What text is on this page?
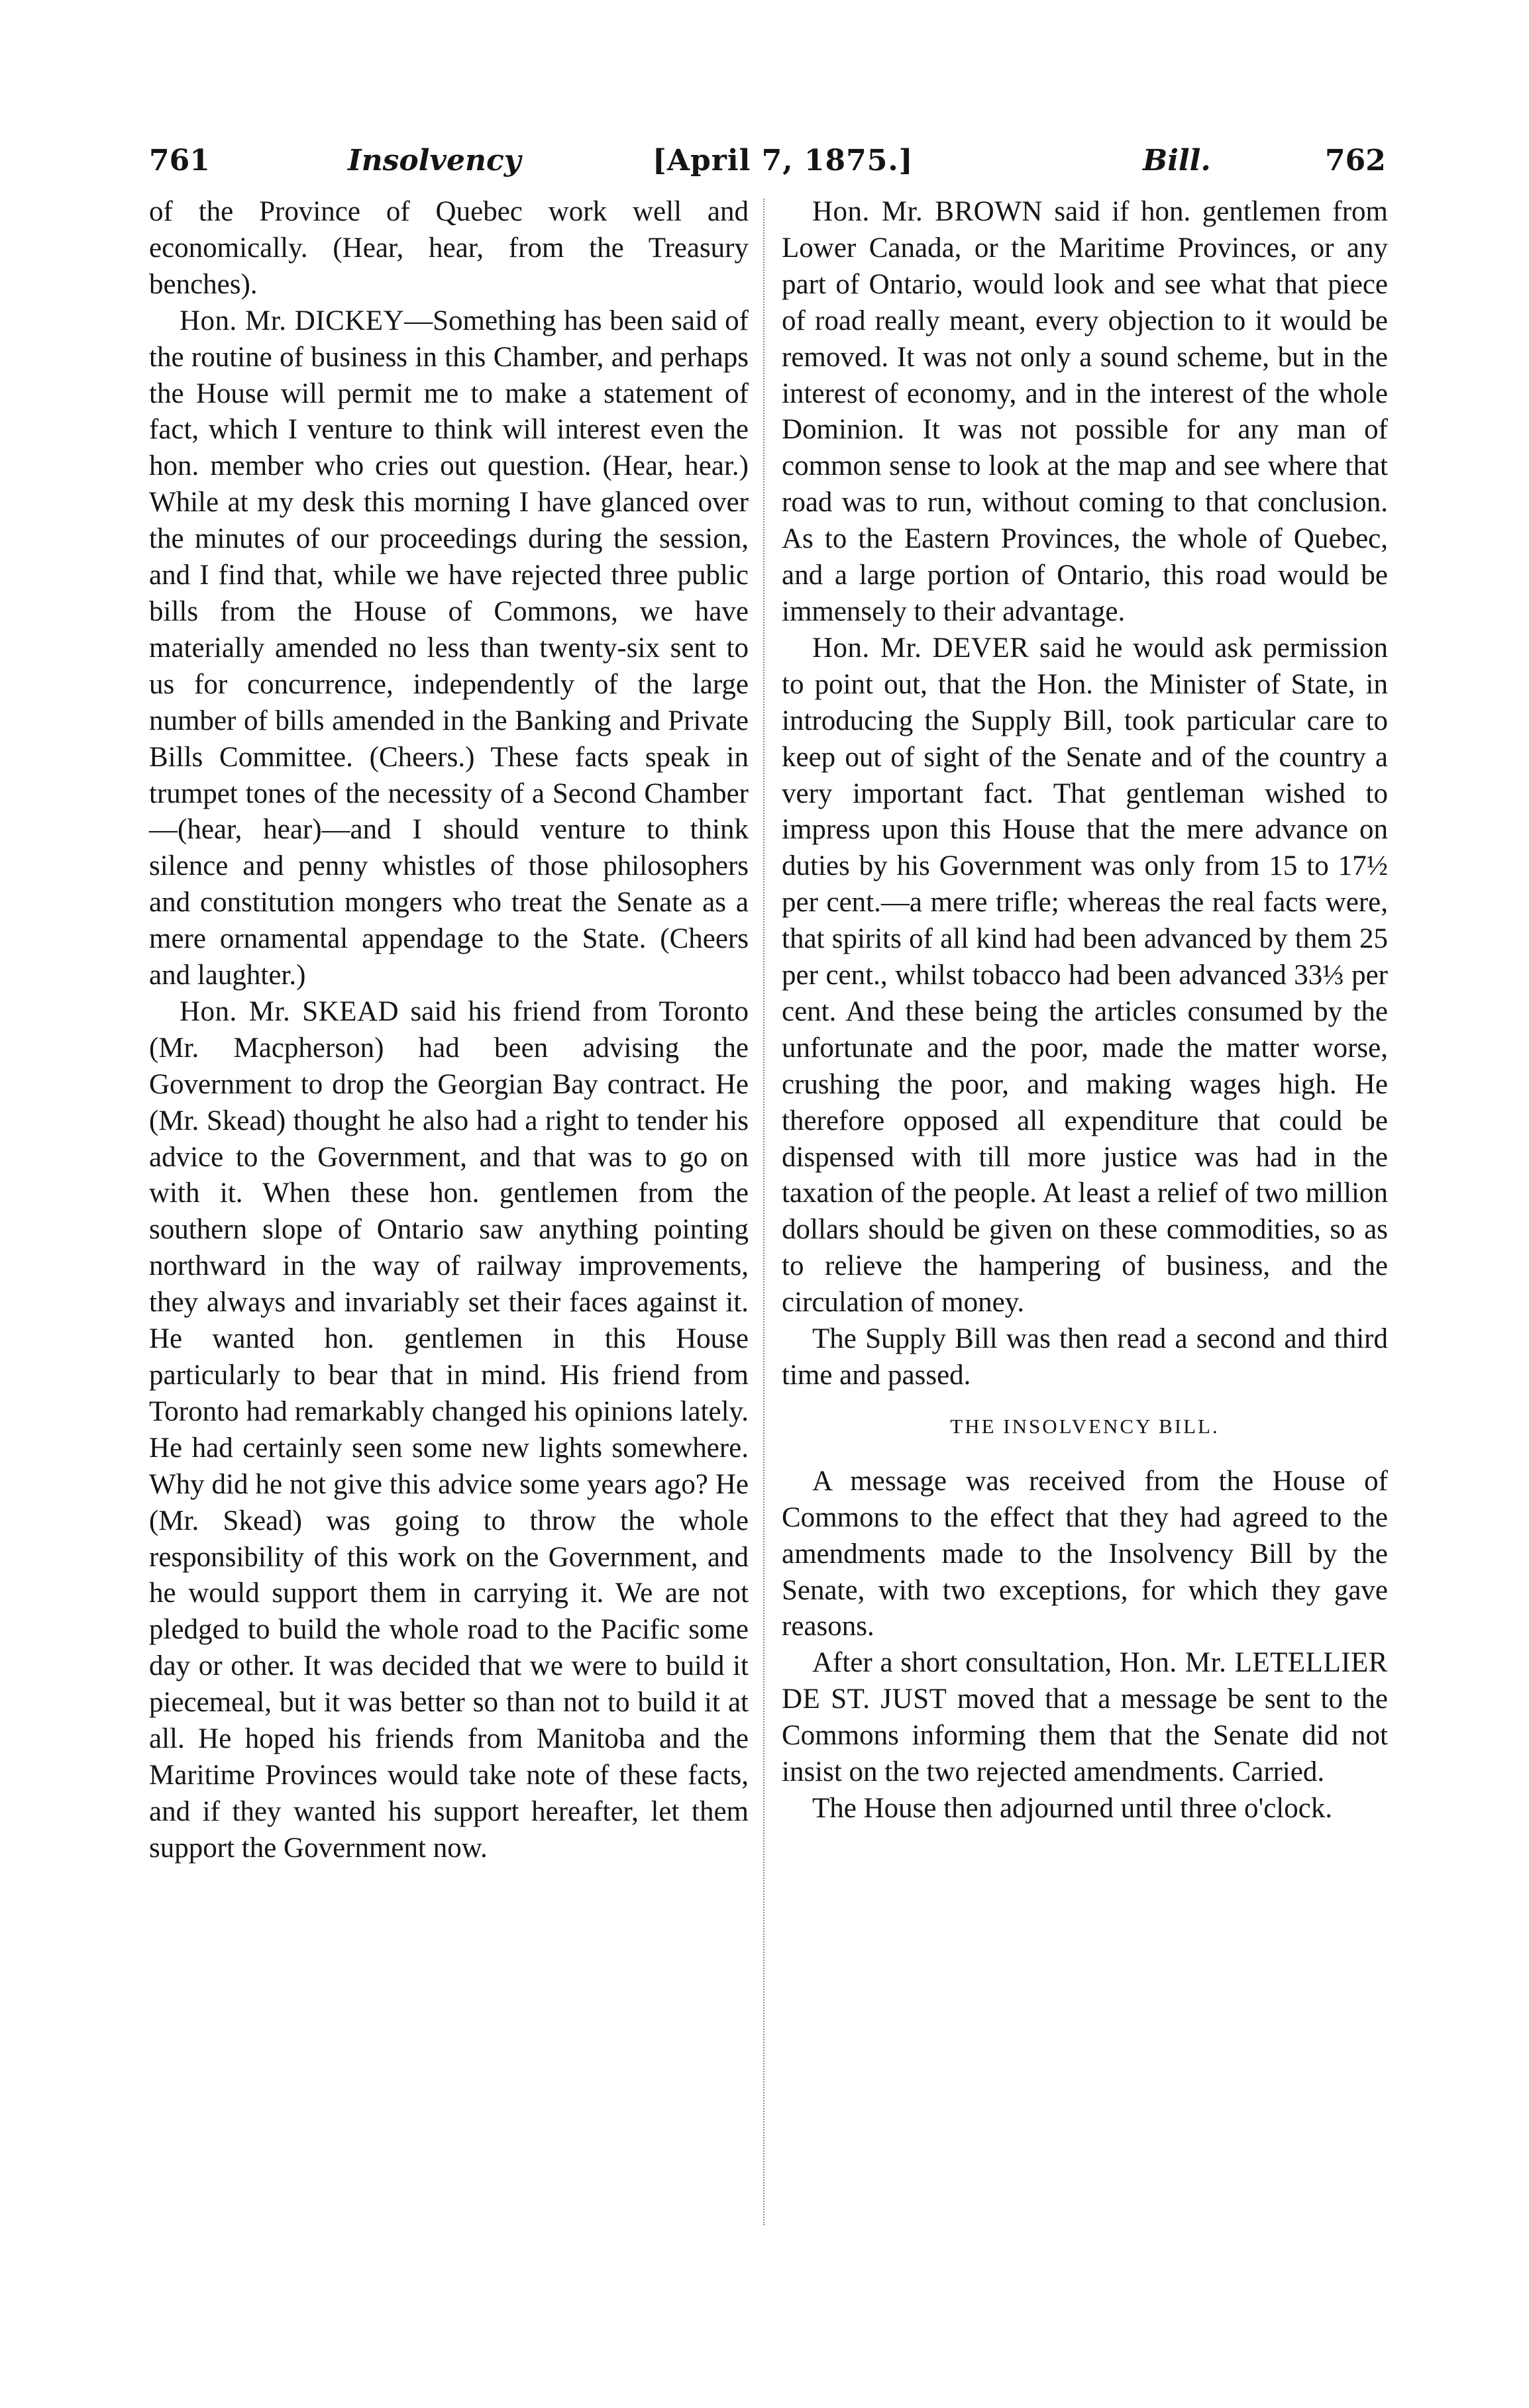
761	Insolvency	[April 7, 1875.]	Bill.	762

of the Province of Quebec work well and economically. (Hear, hear, from the Treasury benches).

Hon. Mr. DICKEY—Something has been said of the routine of business in this Chamber, and perhaps the House will permit me to make a statement of fact, which I venture to think will interest even the hon. member who cries out question. (Hear, hear.) While at my desk this morning I have glanced over the minutes of our proceedings during the session, and I find that, while we have rejected three public bills from the House of Commons, we have materially amended no less than twenty-six sent to us for concurrence, independently of the large number of bills amended in the Banking and Private Bills Committee. (Cheers.) These facts speak in trumpet tones of the necessity of a Second Chamber—(hear, hear)—and I should venture to think silence and penny whistles of those philosophers and constitution mongers who treat the Senate as a mere ornamental appendage to the State. (Cheers and laughter.)

Hon. Mr. SKEAD said his friend from Toronto (Mr. Macpherson) had been advising the Government to drop the Georgian Bay contract. He (Mr. Skead) thought he also had a right to tender his advice to the Government, and that was to go on with it. When these hon. gentlemen from the southern slope of Ontario saw anything pointing northward in the way of railway improvements, they always and invariably set their faces against it. He wanted hon. gentlemen in this House particularly to bear that in mind. His friend from Toronto had remarkably changed his opinions lately. He had certainly seen some new lights somewhere. Why did he not give this advice some years ago? He (Mr. Skead) was going to throw the whole responsibility of this work on the Government, and he would support them in carrying it. We are not pledged to build the whole road to the Pacific some day or other. It was decided that we were to build it piecemeal, but it was better so than not to build it at all. He hoped his friends from Manitoba and the Maritime Provinces would take note of these facts, and if they wanted his support hereafter, let them support the Government now.

Hon. Mr. BROWN said if hon. gentlemen from Lower Canada, or the Maritime Provinces, or any part of Ontario, would look and see what that piece of road really meant, every objection to it would be removed. It was not only a sound scheme, but in the interest of economy, and in the interest of the whole Dominion. It was not possible for any man of common sense to look at the map and see where that road was to run, without coming to that conclusion. As to the Eastern Provinces, the whole of Quebec, and a large portion of Ontario, this road would be immensely to their advantage.

Hon. Mr. DEVER said he would ask permission to point out, that the Hon. the Minister of State, in introducing the Supply Bill, took particular care to keep out of sight of the Senate and of the country a very important fact. That gentleman wished to impress upon this House that the mere advance on duties by his Government was only from 15 to 17½ per cent.—a mere trifle; whereas the real facts were, that spirits of all kind had been advanced by them 25 per cent., whilst tobacco had been advanced 33⅓ per cent. And these being the articles consumed by the unfortunate and the poor, made the matter worse, crushing the poor, and making wages high. He therefore opposed all expenditure that could be dispensed with till more justice was had in the taxation of the people. At least a relief of two million dollars should be given on these commodities, so as to relieve the hampering of business, and the circulation of money.

The Supply Bill was then read a second and third time and passed.

THE INSOLVENCY BILL.

A message was received from the House of Commons to the effect that they had agreed to the amendments made to the Insolvency Bill by the Senate, with two exceptions, for which they gave reasons.

After a short consultation, Hon. Mr. LETELLIER DE ST. JUST moved that a message be sent to the Commons informing them that the Senate did not insist on the two rejected amendments. Carried.

The House then adjourned until three o'clock.
